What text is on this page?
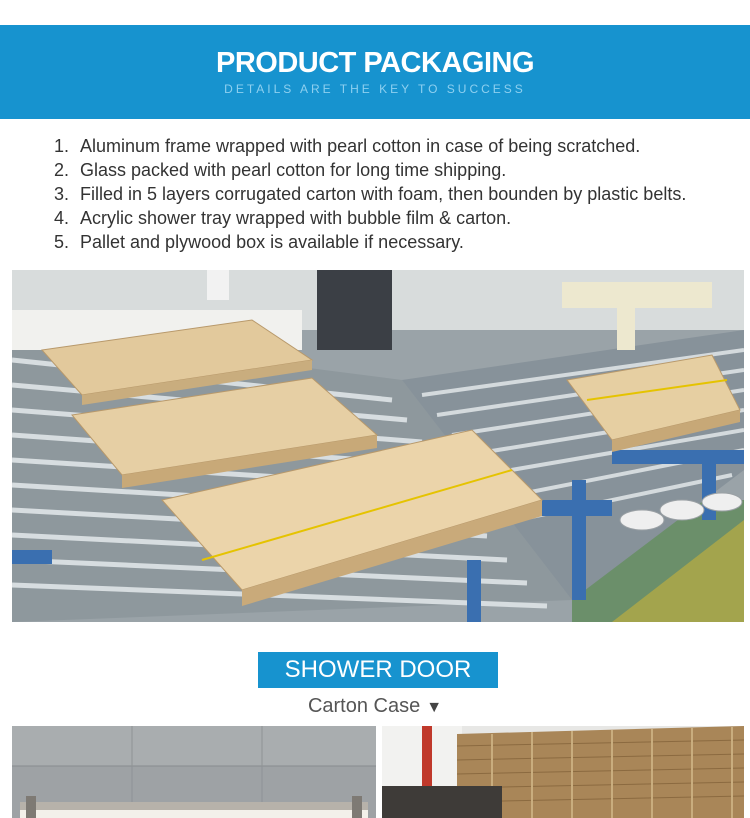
PRODUCT PACKAGING
DETAILS ARE THE KEY TO SUCCESS
1. Aluminum frame wrapped with pearl cotton in case of being scratched.
2. Glass packed with pearl cotton for long time shipping.
3. Filled in 5 layers corrugated carton with foam, then bounden by plastic belts.
4. Acrylic shower tray wrapped with bubble film & carton.
5. Pallet and plywood box is available if necessary.
SHOWER DOOR
Carton Case ▼
